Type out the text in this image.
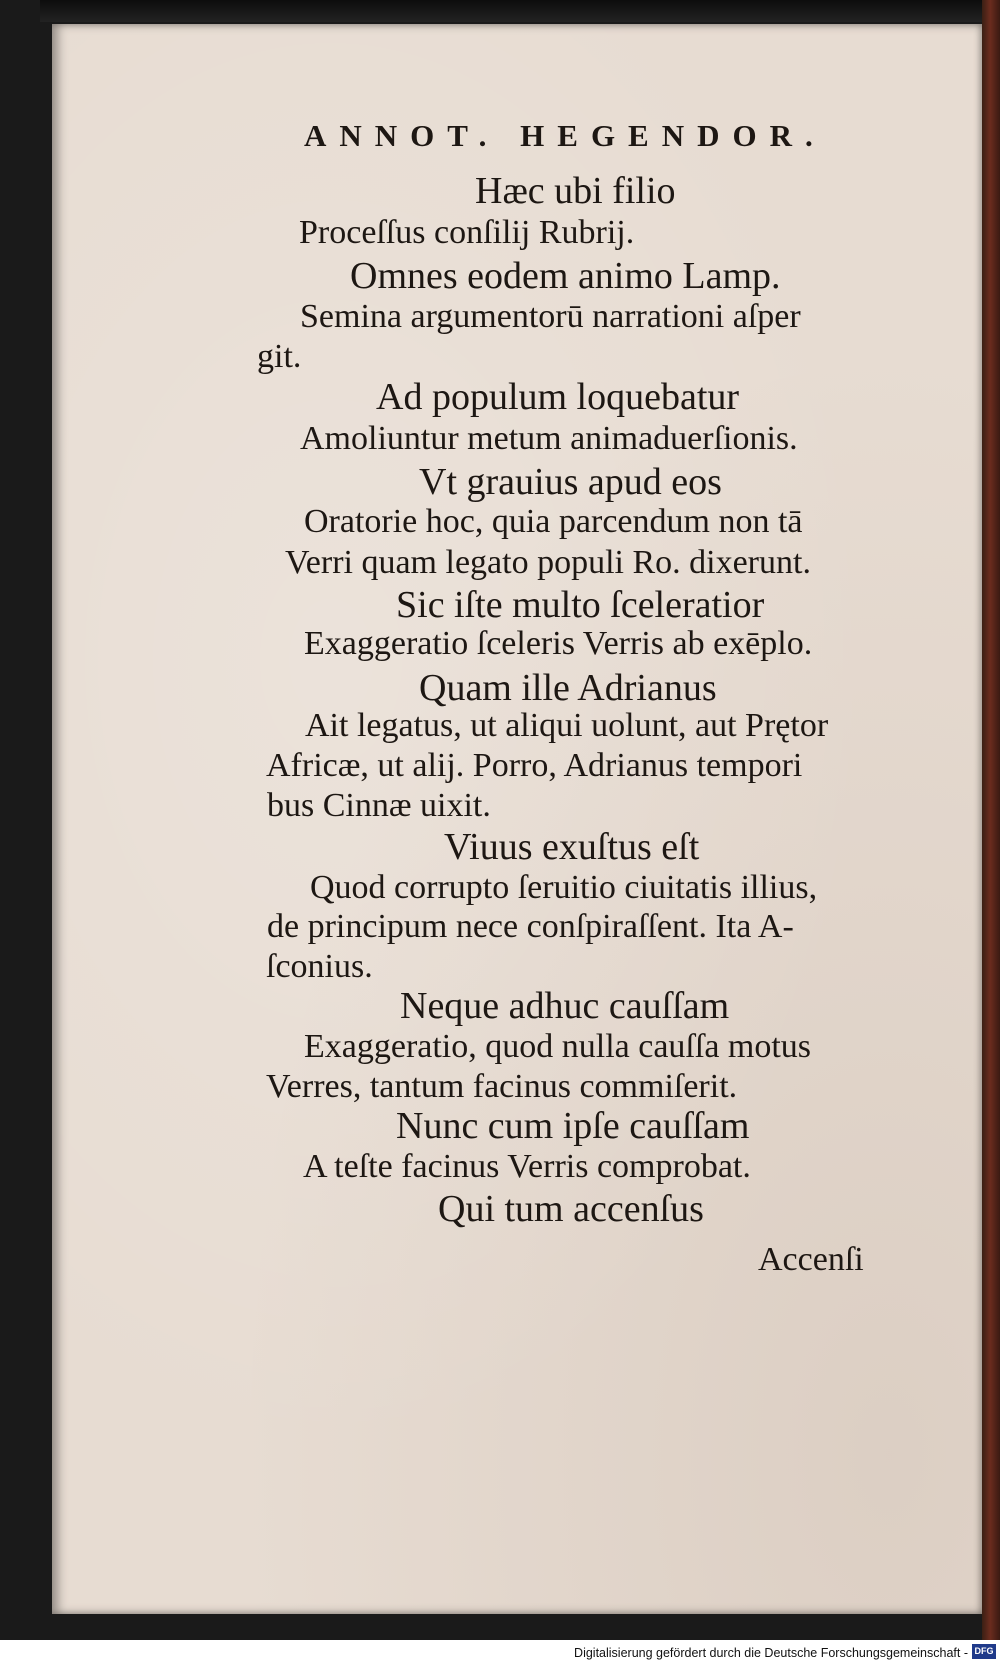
ANNOT. HEGENDOR.
Hæc ubi filio
Proceſſus conſilij Rubrij.
Omnes eodem animo Lamp.
Semina argumentorū narrationi aſper
git.
Ad populum loquebatur
Amoliuntur metum animaduerſionis.
Vt grauius apud eos
Oratorie hoc, quia parcendum non tā
Verri quam legato populi Ro. dixerunt.
Sic iſte multo ſceleratior
Exaggeratio ſceleris Verris ab exēplo.
Quam ille Adrianus
Ait legatus, ut aliqui uolunt, aut Prętor
Africæ, ut alij. Porro, Adrianus tempori
bus Cinnæ uixit.
Viuus exuſtus eſt
Quod corrupto ſeruitio ciuitatis illius,
de principum nece conſpiraſſent. Ita A-
ſconius.
Neque adhuc cauſſam
Exaggeratio, quod nulla cauſſa motus
Verres, tantum facinus commiſerit.
Nunc cum ipſe cauſſam
A teſte facinus Verris comprobat.
Qui tum accenſus
Accenſi
Digitalisierung gefördert durch die Deutsche Forschungsgemeinschaft - DFG
